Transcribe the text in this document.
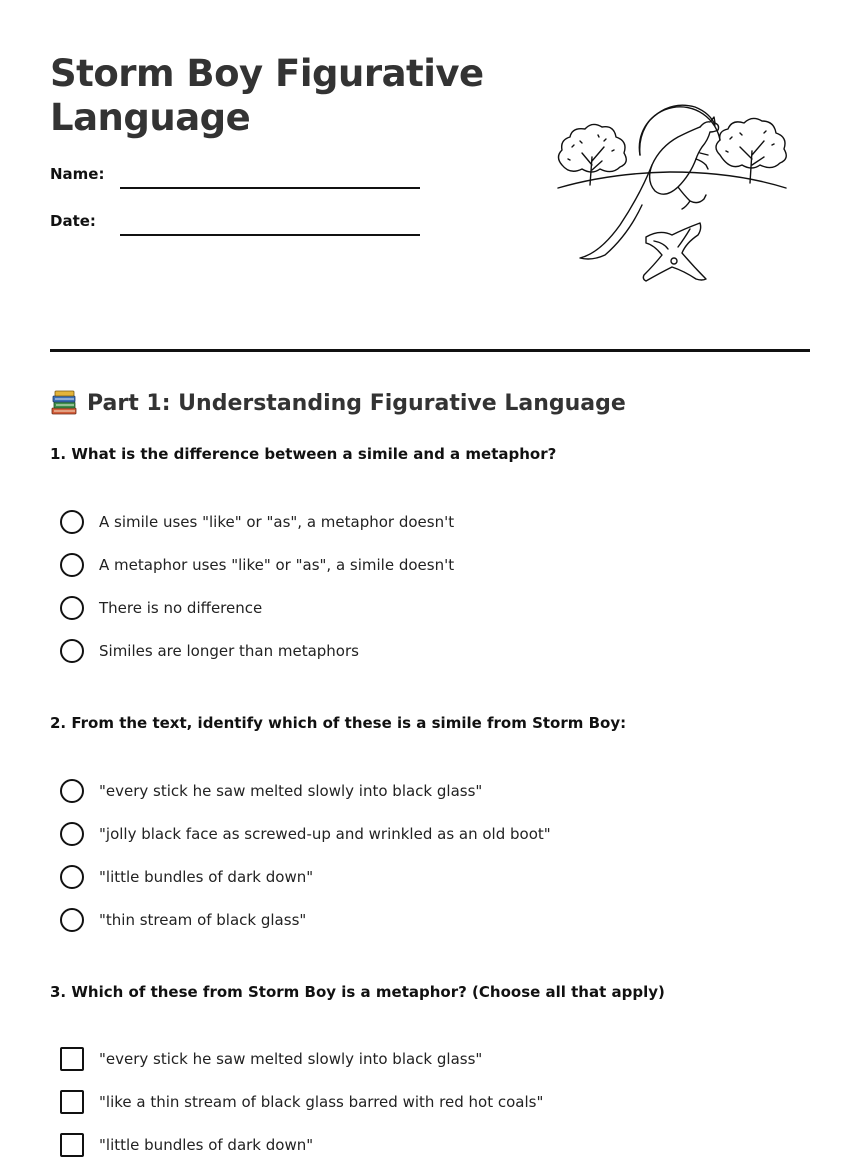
Storm Boy Figurative
Language
Name:
Date:
Part 1: Understanding Figurative Language

1. What is the difference between a simile and a metaphor?

A simile uses "like" or "as", a metaphor doesn't
A metaphor uses "like" or "as", a simile doesn't
There is no difference
Similes are longer than metaphors

2. From the text, identify which of these is a simile from Storm Boy:

"every stick he saw melted slowly into black glass"
"jolly black face as screwed-up and wrinkled as an old boot"
"little bundles of dark down"
"thin stream of black glass"

3. Which of these from Storm Boy is a metaphor? (Choose all that apply)

"every stick he saw melted slowly into black glass"
"like a thin stream of black glass barred with red hot coals"
"little bundles of dark down"
